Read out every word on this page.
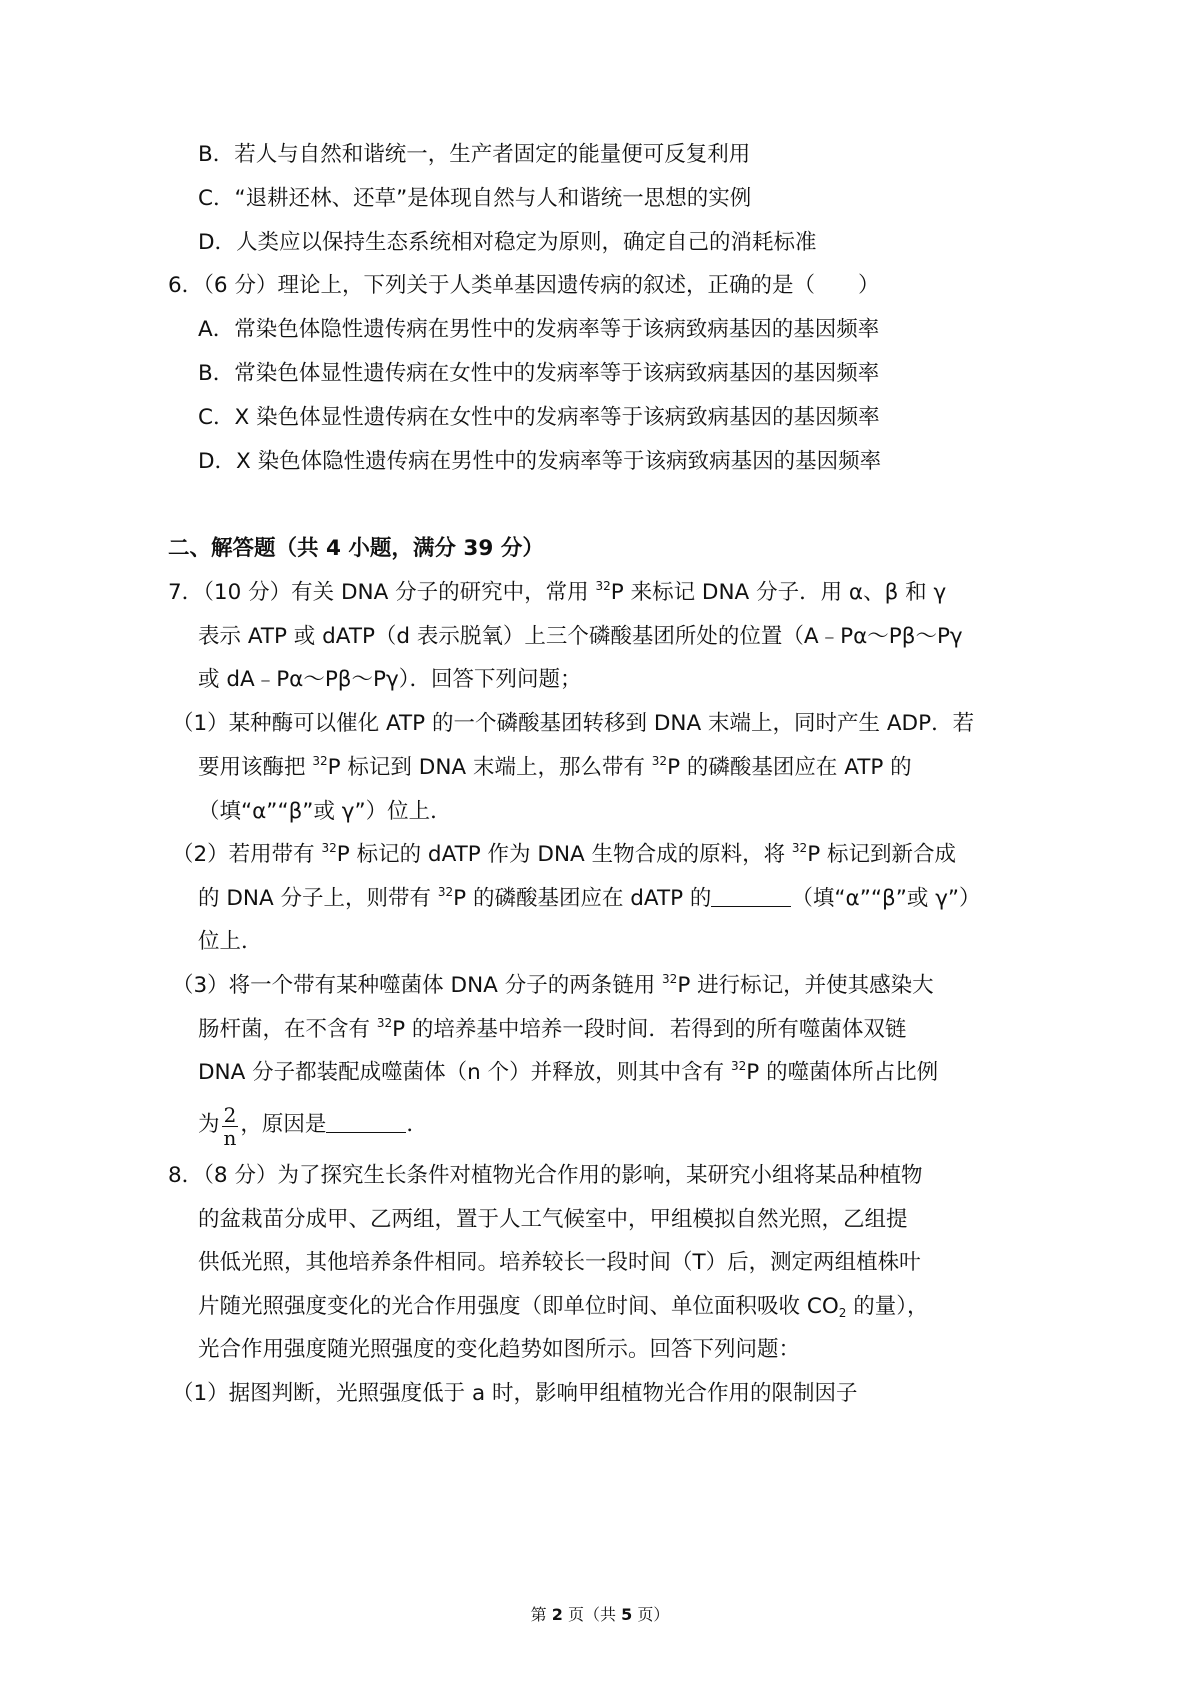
B．若人与自然和谐统一，生产者固定的能量便可反复利用
C．“退耕还林、还草”是体现自然与人和谐统一思想的实例
D．人类应以保持生态系统相对稳定为原则，确定自己的消耗标准
6．（6 分）理论上，下列关于人类单基因遗传病的叙述，正确的是（　　）
A．常染色体隐性遗传病在男性中的发病率等于该病致病基因的基因频率
B．常染色体显性遗传病在女性中的发病率等于该病致病基因的基因频率
C．X 染色体显性遗传病在女性中的发病率等于该病致病基因的基因频率
D．X 染色体隐性遗传病在男性中的发病率等于该病致病基因的基因频率
二、解答题（共 4 小题，满分 39 分）
7．（10 分）有关 DNA 分子的研究中，常用 $^{32}$P 来标记 DNA 分子．用 α、β 和 γ
表示 ATP 或 dATP（d 表示脱氧）上三个磷酸基团所处的位置（A﹣Pα～Pβ～Pγ
或 dA﹣Pα～Pβ～Pγ）．回答下列问题；
（1）某种酶可以催化 ATP 的一个磷酸基团转移到 DNA 末端上，同时产生 ADP．若
要用该酶把 $^{32}$P 标记到 DNA 末端上，那么带有 $^{32}$P 的磷酸基团应在 ATP 的
（填“α”“β”或 γ”）位上．
（2）若用带有 $^{32}$P 标记的 dATP 作为 DNA 生物合成的原料，将 $^{32}$P 标记到新合成
的 DNA 分子上，则带有 $^{32}$P 的磷酸基团应在 dATP 的	（填“α”“β”或 γ”）
位上．
（3）将一个带有某种噬菌体 DNA 分子的两条链用 $^{32}$P 进行标记，并使其感染大
肠杆菌，在不含有 $^{32}$P 的培养基中培养一段时间．若得到的所有噬菌体双链
DNA 分子都装配成噬菌体（n 个）并释放，则其中含有 $^{32}$P 的噬菌体所占比例
为 $\frac{2}{n}$ ，原因是	．
8．（8 分）为了探究生长条件对植物光合作用的影响，某研究小组将某品种植物
的盆栽苗分成甲、乙两组，置于人工气候室中，甲组模拟自然光照，乙组提
供低光照，其他培养条件相同。培养较长一段时间（T）后，测定两组植株叶
片随光照强度变化的光合作用强度（即单位时间、单位面积吸收 $CO_2$ 的量），
光合作用强度随光照强度的变化趋势如图所示。回答下列问题：
（1）据图判断，光照强度低于 a 时，影响甲组植物光合作用的限制因子
第 2 页（共 5 页）
